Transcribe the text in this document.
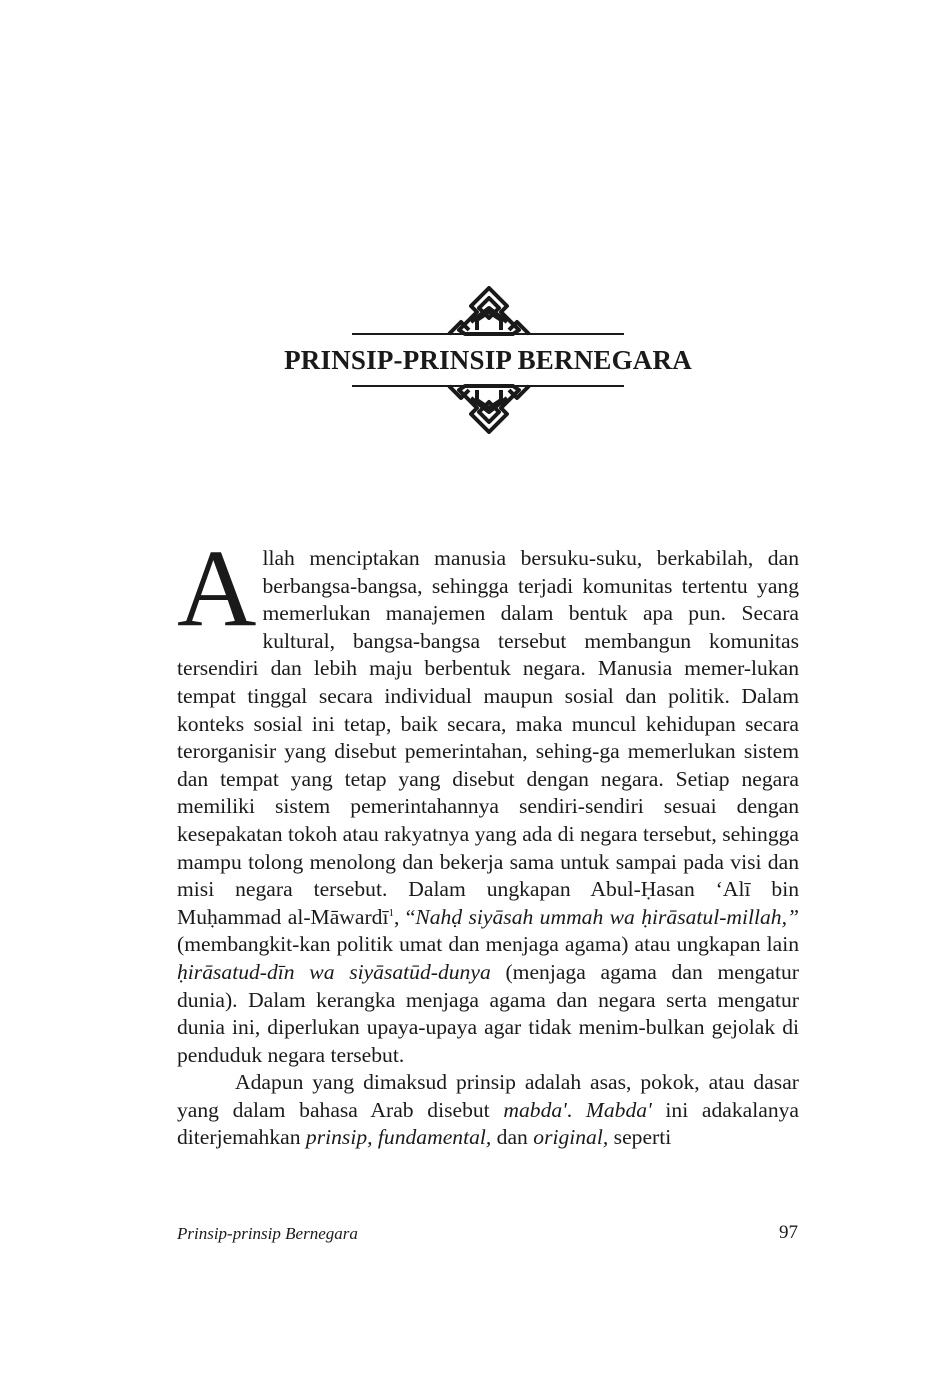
PRINSIP-PRINSIP BERNEGARA

Allah menciptakan manusia bersuku-suku, berkabilah, dan berbangsa-bangsa, sehingga terjadi komunitas tertentu yang memerlukan manajemen dalam bentuk apa pun. Secara kultural, bangsa-bangsa tersebut membangun komunitas tersendiri dan lebih maju berbentuk negara. Manusia memer-lukan tempat tinggal secara individual maupun sosial dan politik. Dalam konteks sosial ini tetap, baik secara, maka muncul kehidupan secara terorganisir yang disebut pemerintahan, sehing-ga memerlukan sistem dan tempat yang tetap yang disebut dengan negara. Setiap negara memiliki sistem pemerintahannya sendiri-sendiri sesuai dengan kesepakatan tokoh atau rakyatnya yang ada di negara tersebut, sehingga mampu tolong menolong dan bekerja sama untuk sampai pada visi dan misi negara tersebut. Dalam ungkapan Abul-Ḥasan ‘Alī bin Muḥammad al-Māwardī$^1$, “Nahḍ siyāsah ummah wa ḥirāsatul-millah,” (membangkit-kan politik umat dan menjaga agama) atau ungkapan lain ḥirāsatud-dīn wa siyāsatūd-dunya (menjaga agama dan mengatur dunia). Dalam kerangka menjaga agama dan negara serta mengatur dunia ini, diperlukan upaya-upaya agar tidak menim-bulkan gejolak di penduduk negara tersebut.

Adapun yang dimaksud prinsip adalah asas, pokok, atau dasar yang dalam bahasa Arab disebut mabda'. Mabda' ini adakalanya diterjemahkan prinsip, fundamental, dan original, seperti

Prinsip-prinsip Bernegara	97
